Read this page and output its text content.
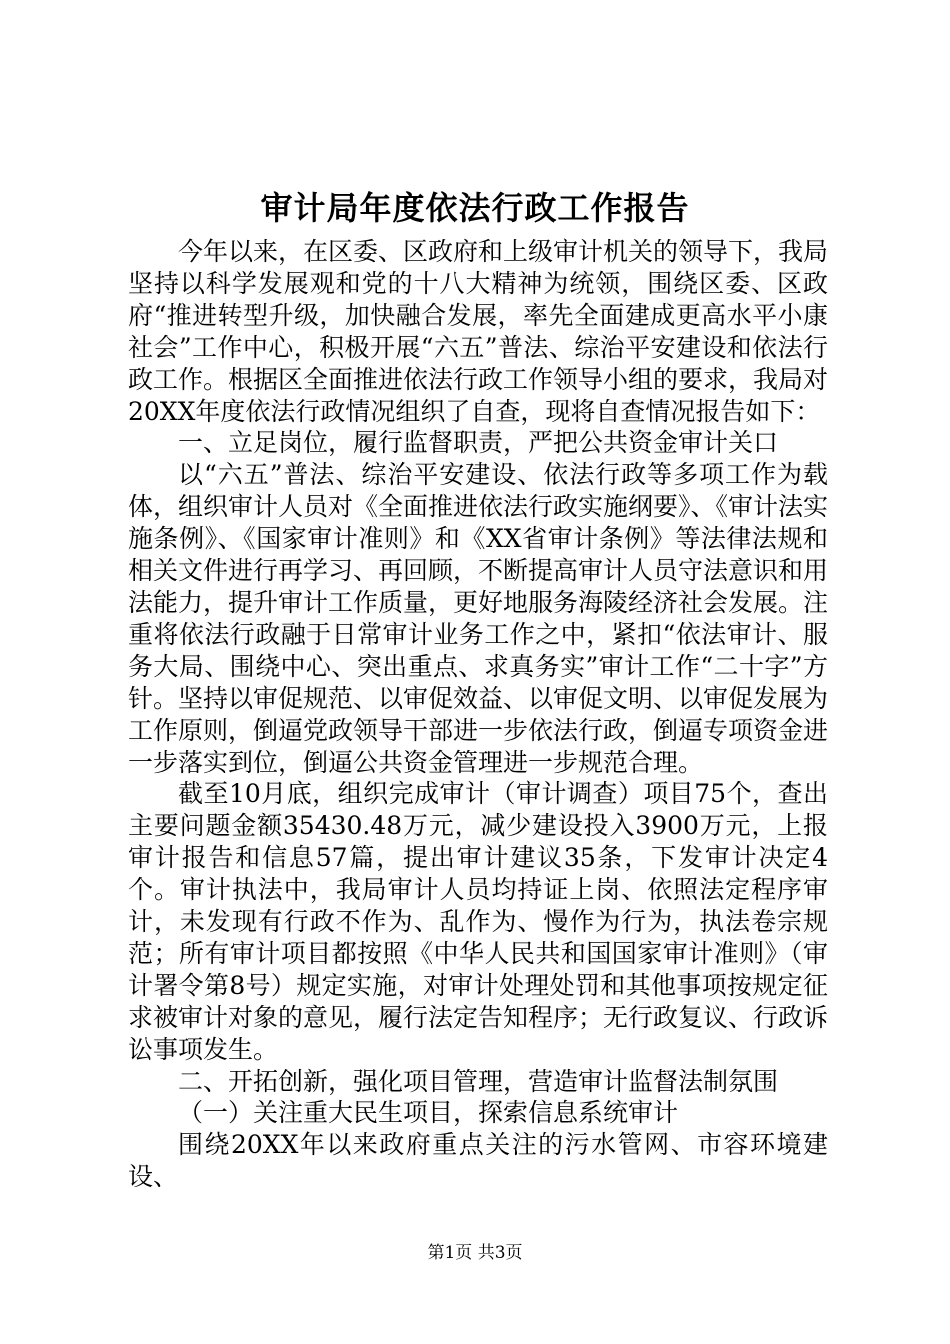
审计局年度依法行政工作报告

今年以来，在区委、区政府和上级审计机关的领导下，我局坚持以科学发展观和党的十八大精神为统领，围绕区委、区政府“推进转型升级，加快融合发展，率先全面建成更高水平小康社会”工作中心，积极开展“六五”普法、综治平安建设和依法行政工作。根据区全面推进依法行政工作领导小组的要求，我局对20XX年度依法行政情况组织了自查，现将自查情况报告如下：

一、立足岗位，履行监督职责，严把公共资金审计关口

以“六五”普法、综治平安建设、依法行政等多项工作为载体，组织审计人员对《全面推进依法行政实施纲要》、《审计法实施条例》、《国家审计准则》和《XX省审计条例》等法律法规和相关文件进行再学习、再回顾，不断提高审计人员守法意识和用法能力，提升审计工作质量，更好地服务海陵经济社会发展。注重将依法行政融于日常审计业务工作之中，紧扣“依法审计、服务大局、围绕中心、突出重点、求真务实”审计工作“二十字”方针。坚持以审促规范、以审促效益、以审促文明、以审促发展为工作原则，倒逼党政领导干部进一步依法行政，倒逼专项资金进一步落实到位，倒逼公共资金管理进一步规范合理。

截至10月底，组织完成审计（审计调查）项目75个，查出主要问题金额35430.48万元，减少建设投入3900万元，上报审计报告和信息57篇，提出审计建议35条，下发审计决定4个。审计执法中，我局审计人员均持证上岗、依照法定程序审计，未发现有行政不作为、乱作为、慢作为行为，执法卷宗规范；所有审计项目都按照《中华人民共和国国家审计准则》（审计署令第8号）规定实施，对审计处理处罚和其他事项按规定征求被审计对象的意见，履行法定告知程序；无行政复议、行政诉讼事项发生。

二、开拓创新，强化项目管理，营造审计监督法制氛围

（一）关注重大民生项目，探索信息系统审计

围绕20XX年以来政府重点关注的污水管网、市容环境建设、

第1页 共3页
